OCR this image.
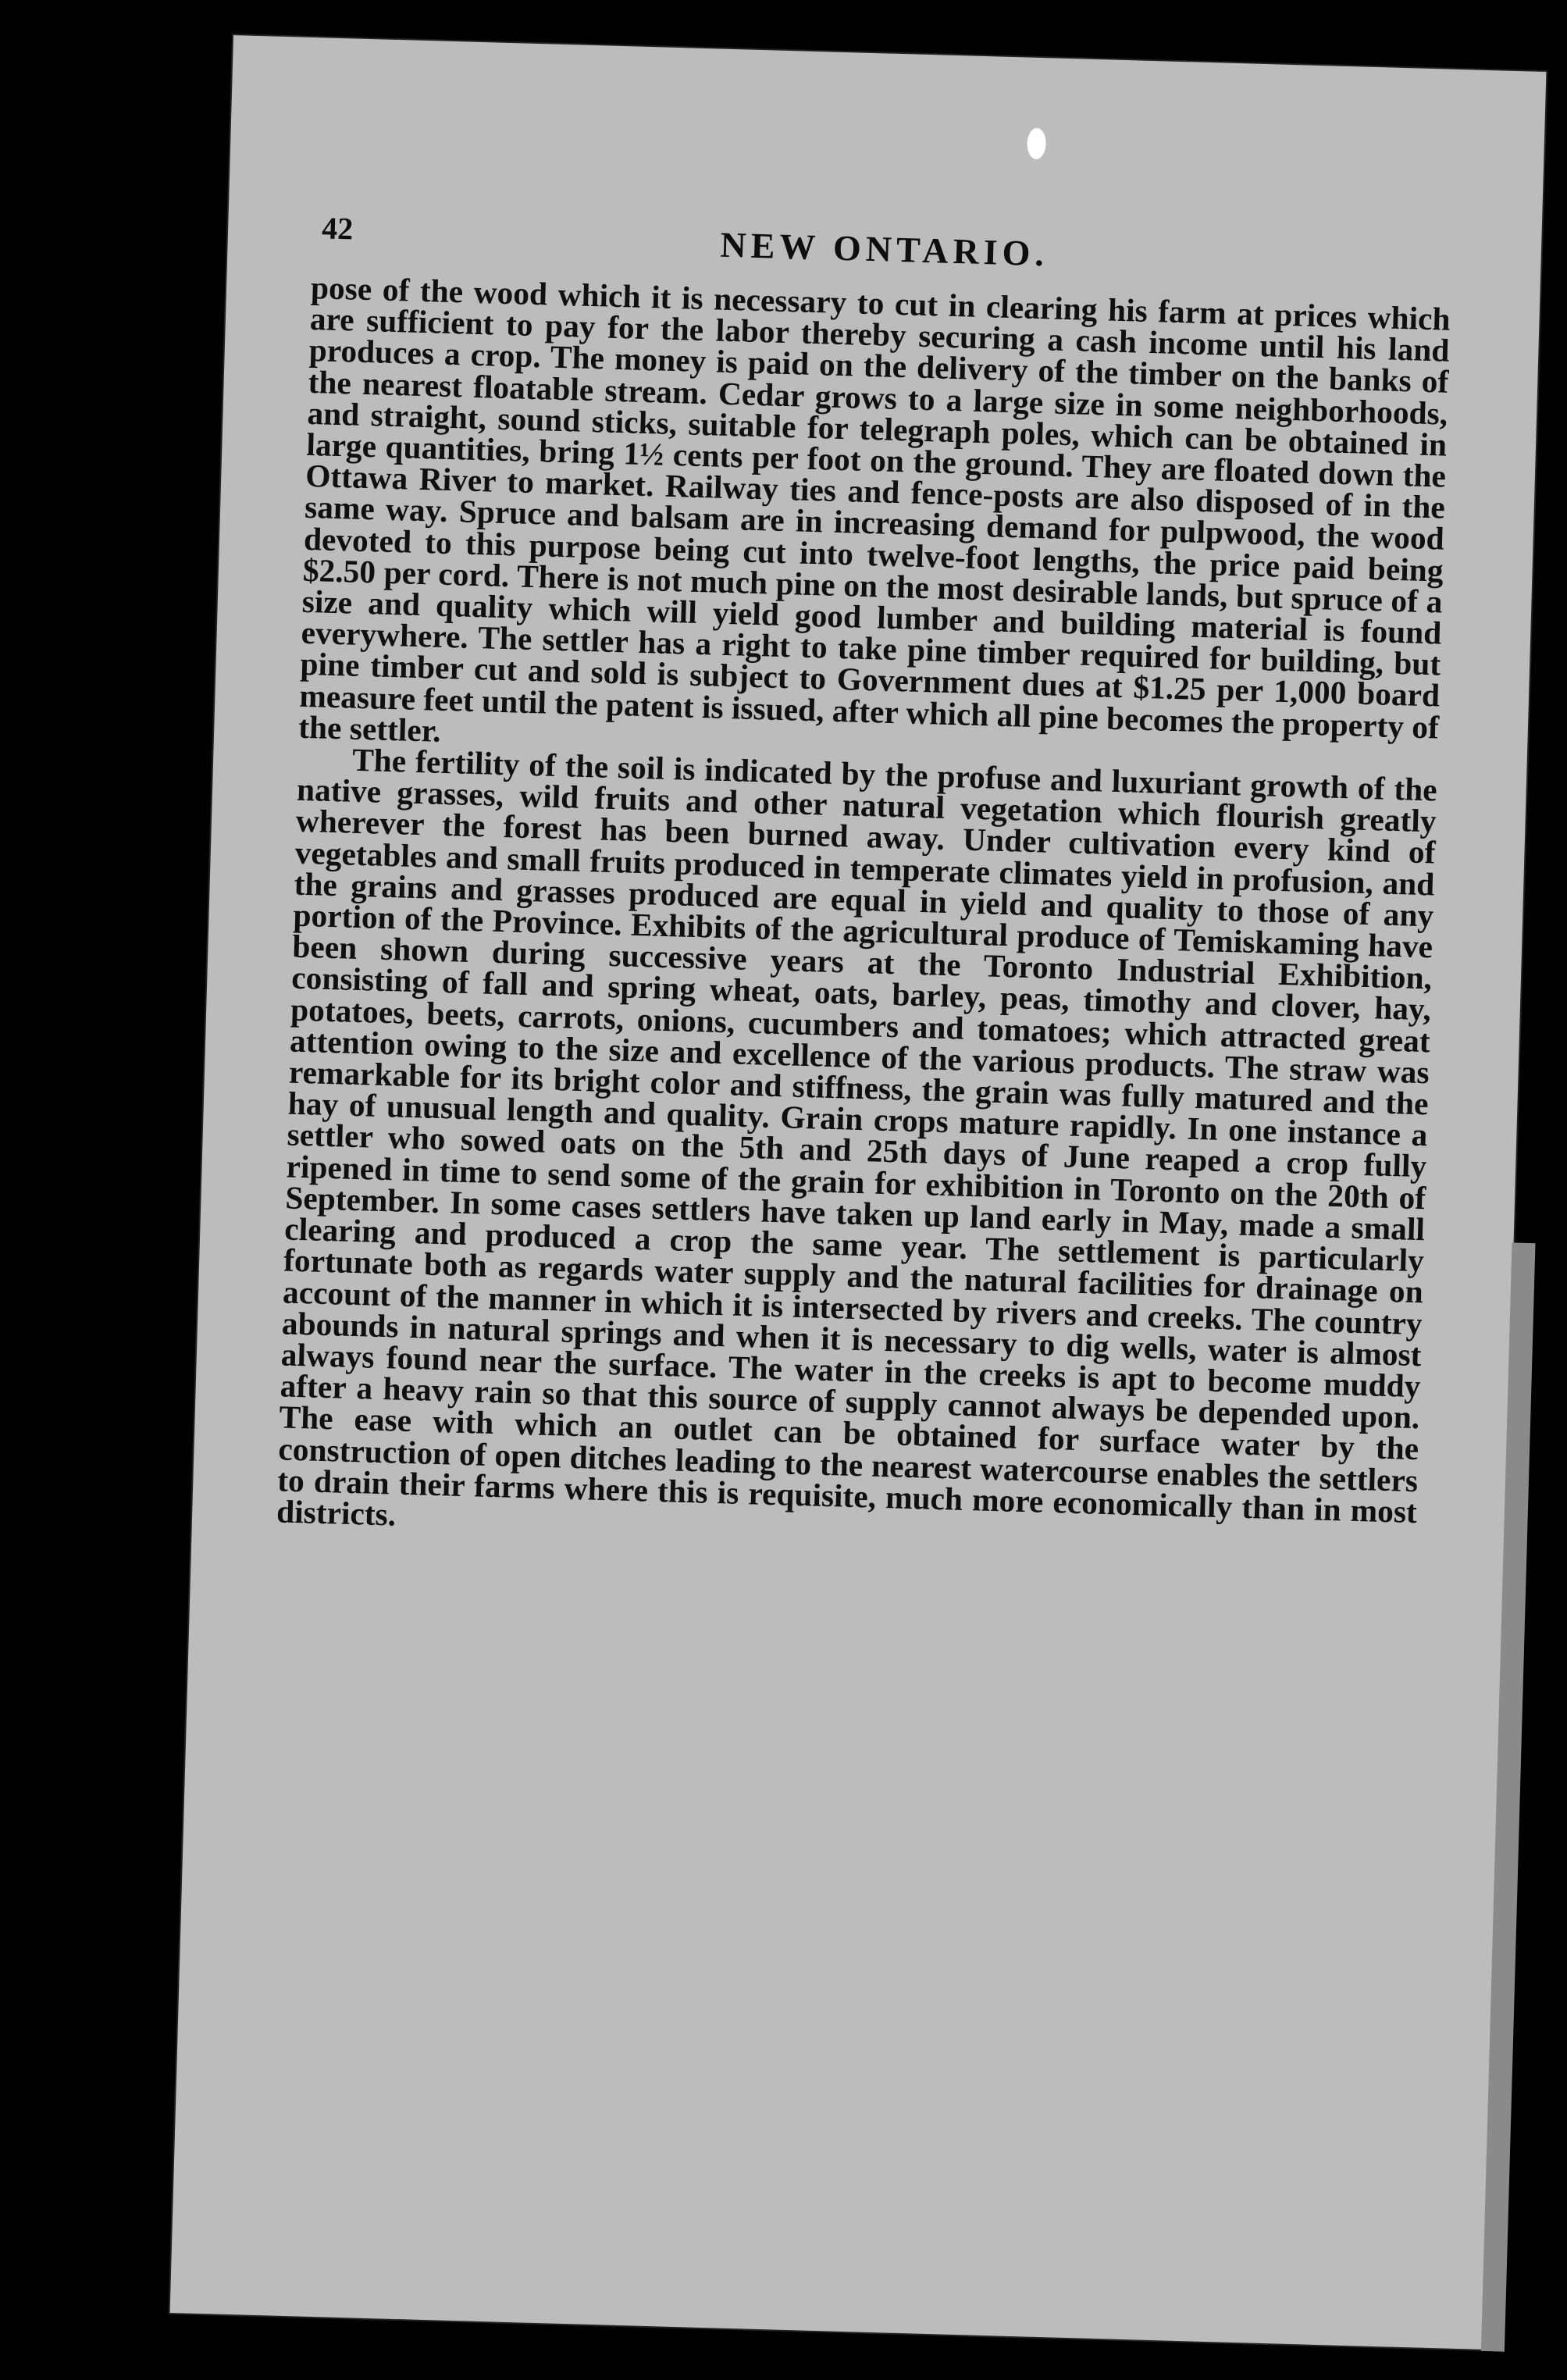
42	NEW ONTARIO.

pose of the wood which it is necessary to cut in clearing his farm at prices which are sufficient to pay for the labor thereby securing a cash income until his land produces a crop. The money is paid on the delivery of the timber on the banks of the nearest floatable stream. Cedar grows to a large size in some neighborhoods, and straight, sound sticks, suitable for telegraph poles, which can be obtained in large quantities, bring 1½ cents per foot on the ground. They are floated down the Ottawa River to market. Railway ties and fence-posts are also disposed of in the same way. Spruce and balsam are in increasing demand for pulpwood, the wood devoted to this purpose being cut into twelve-foot lengths, the price paid being $2.50 per cord. There is not much pine on the most desirable lands, but spruce of a size and quality which will yield good lumber and building material is found everywhere. The settler has a right to take pine timber required for building, but pine timber cut and sold is subject to Government dues at $1.25 per 1,000 board measure feet until the patent is issued, after which all pine becomes the property of the settler.

The fertility of the soil is indicated by the profuse and luxuriant growth of the native grasses, wild fruits and other natural vegetation which flourish greatly wherever the forest has been burned away. Under cultivation every kind of vegetables and small fruits produced in temperate climates yield in profusion, and the grains and grasses produced are equal in yield and quality to those of any portion of the Province. Exhibits of the agricultural produce of Temiskaming have been shown during successive years at the Toronto Industrial Exhibition, consisting of fall and spring wheat, oats, barley, peas, timothy and clover, hay, potatoes, beets, carrots, onions, cucumbers and tomatoes; which attracted great attention owing to the size and excellence of the various products. The straw was remarkable for its bright color and stiffness, the grain was fully matured and the hay of unusual length and quality. Grain crops mature rapidly. In one instance a settler who sowed oats on the 5th and 25th days of June reaped a crop fully ripened in time to send some of the grain for exhibition in Toronto on the 20th of September. In some cases settlers have taken up land early in May, made a small clearing and produced a crop the same year. The settlement is particularly fortunate both as regards water supply and the natural facilities for drainage on account of the manner in which it is intersected by rivers and creeks. The country abounds in natural springs and when it is necessary to dig wells, water is almost always found near the surface. The water in the creeks is apt to become muddy after a heavy rain so that this source of supply cannot always be depended upon. The ease with which an outlet can be obtained for surface water by the construction of open ditches leading to the nearest watercourse enables the settlers to drain their farms where this is requisite, much more economically than in most districts.
